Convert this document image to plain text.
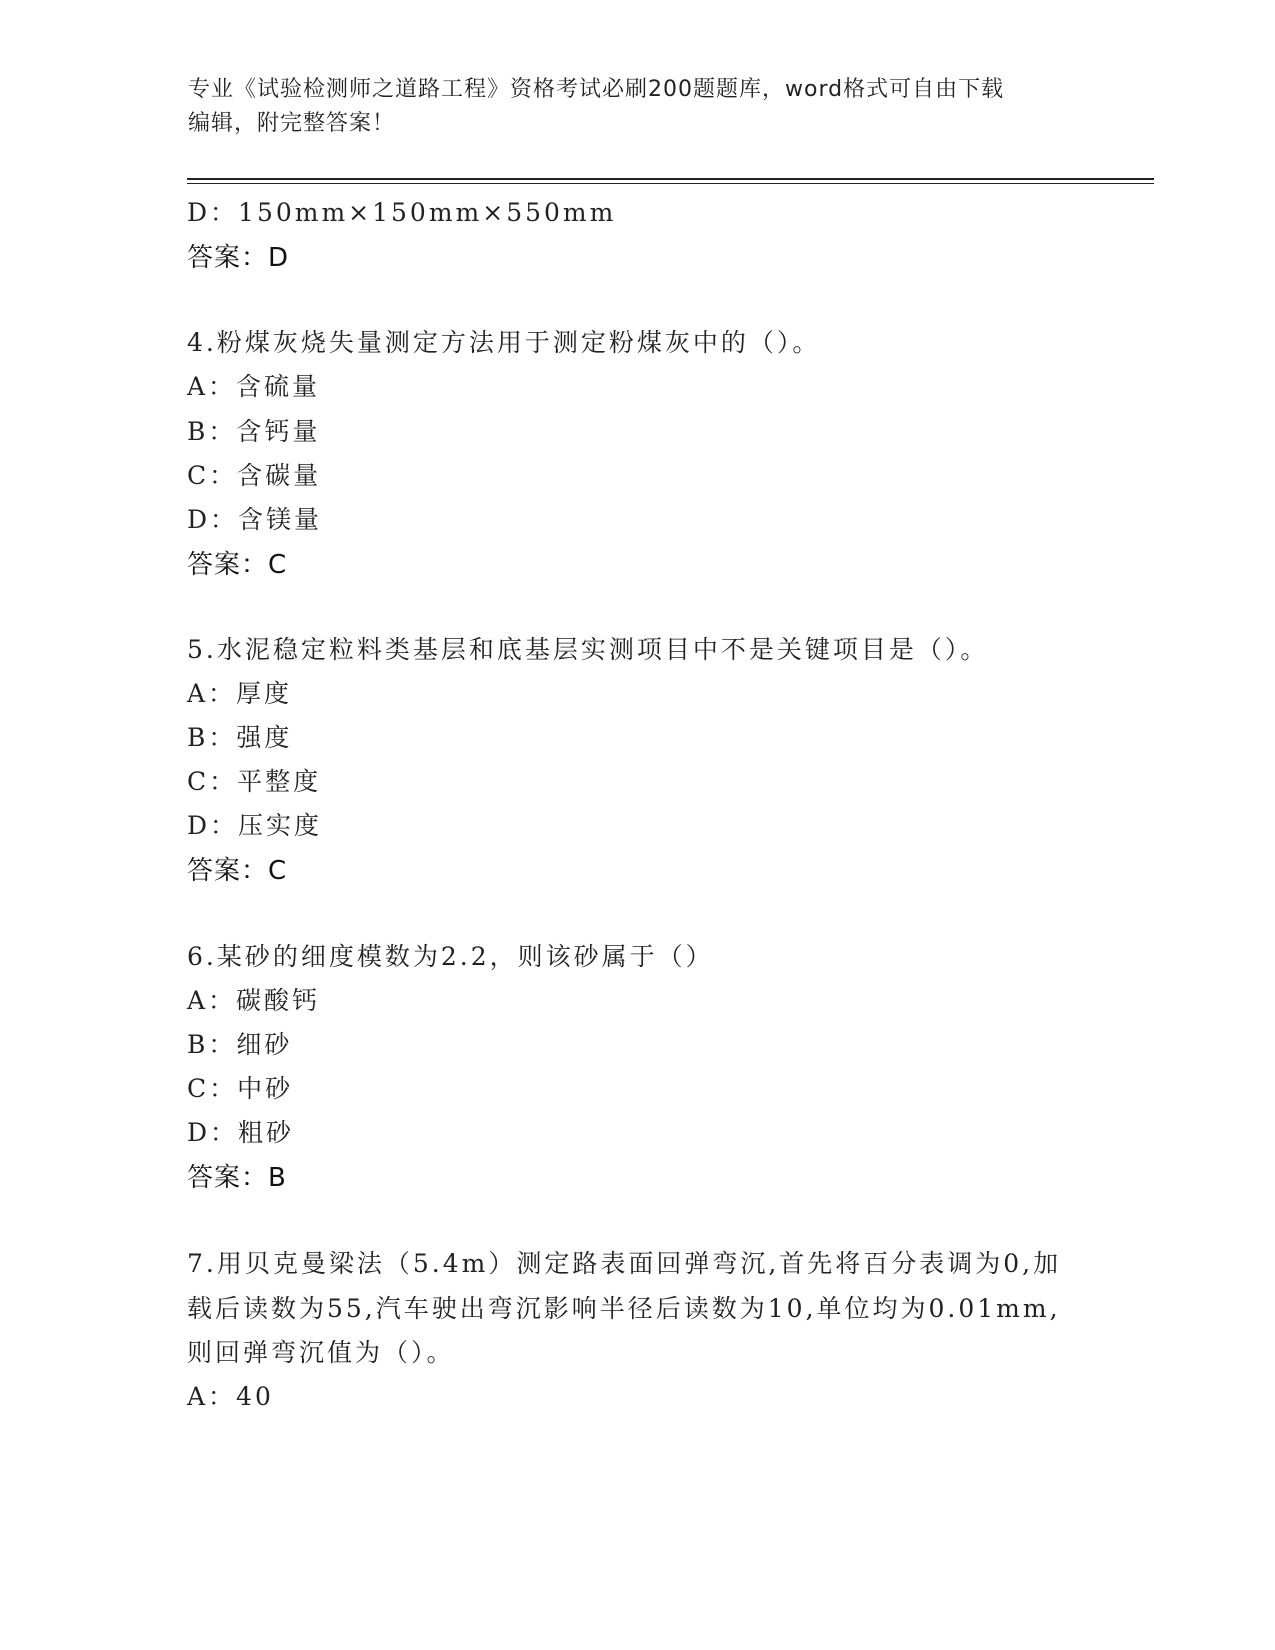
专业《试验检测师之道路工程》资格考试必刷200题题库，word格式可自由下载
编辑，附完整答案！
D：150mm×150mm×550mm
答案：D
4.粉煤灰烧失量测定方法用于测定粉煤灰中的（）。
A：含硫量
B：含钙量
C：含碳量
D：含镁量
答案：C
5.水泥稳定粒料类基层和底基层实测项目中不是关键项目是（）。
A：厚度
B：强度
C：平整度
D：压实度
答案：C
6.某砂的细度模数为2.2，则该砂属于（）
A：碳酸钙
B：细砂
C：中砂
D：粗砂
答案：B
7.用贝克曼梁法（5.4m）测定路表面回弹弯沉,首先将百分表调为0,加
载后读数为55,汽车驶出弯沉影响半径后读数为10,单位均为0.01mm,
则回弹弯沉值为（）。
A：40
